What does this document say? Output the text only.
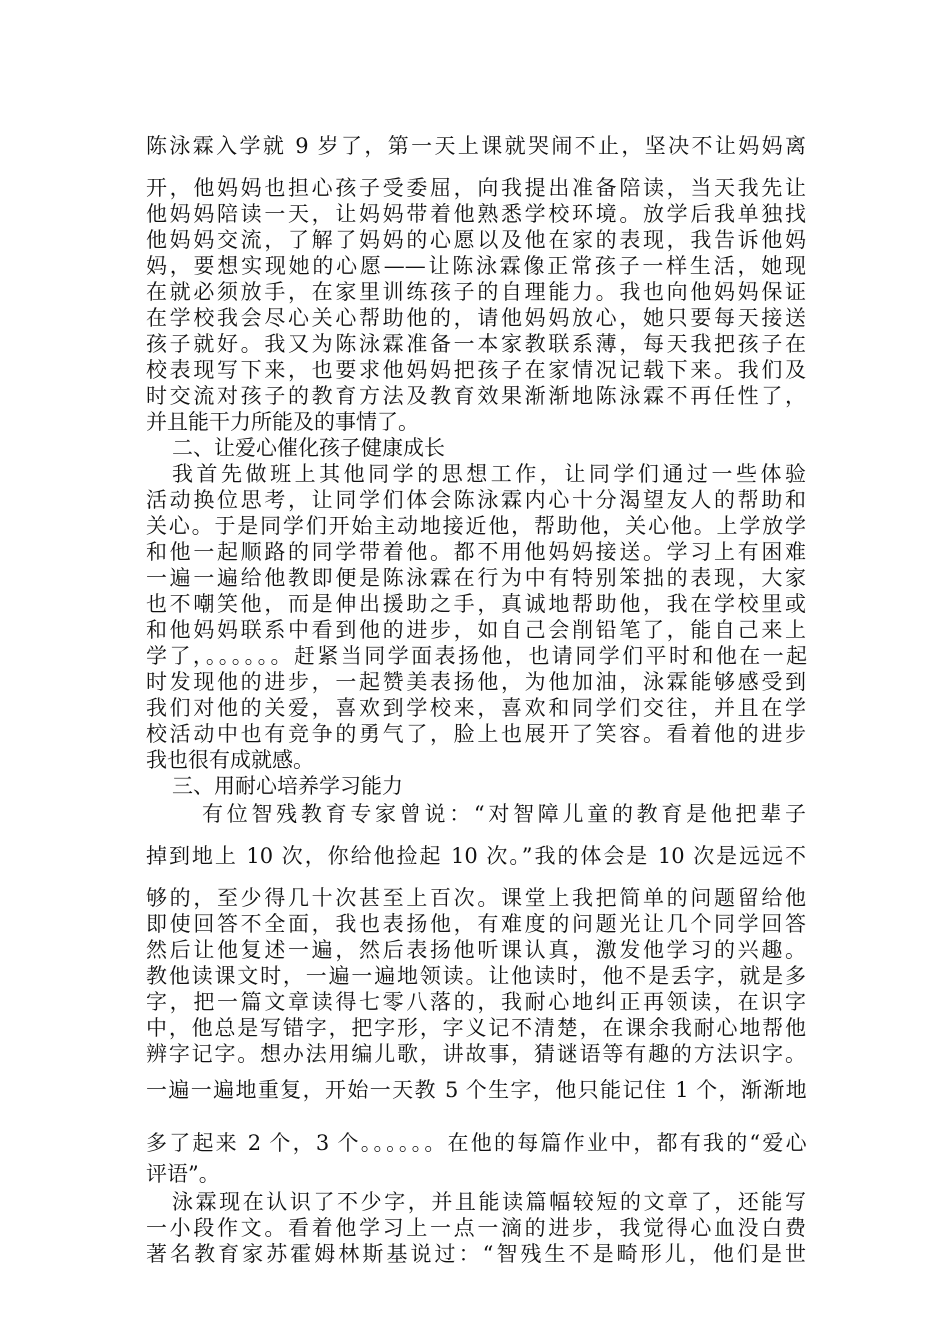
陈泳霖入学就 9 岁了，第一天上课就哭闹不止，坚决不让妈妈离
开，他妈妈也担心孩子受委屈，向我提出准备陪读，当天我先让
他妈妈陪读一天，让妈妈带着他熟悉学校环境。放学后我单独找
他妈妈交流，了解了妈妈的心愿以及他在家的表现，我告诉他妈
妈，要想实现她的心愿——让陈泳霖像正常孩子一样生活，她现
在就必须放手，在家里训练孩子的自理能力。我也向他妈妈保证
在学校我会尽心关心帮助他的，请他妈妈放心，她只要每天接送
孩子就好。我又为陈泳霖准备一本家教联系薄，每天我把孩子在
校表现写下来，也要求他妈妈把孩子在家情况记载下来。我们及
时交流对孩子的教育方法及教育效果渐渐地陈泳霖不再任性了，
并且能干力所能及的事情了。
二、让爱心催化孩子健康成长
我首先做班上其他同学的思想工作，让同学们通过一些体验
活动换位思考，让同学们体会陈泳霖内心十分渴望友人的帮助和
关心。于是同学们开始主动地接近他，帮助他，关心他。上学放学
和他一起顺路的同学带着他。都不用他妈妈接送。学习上有困难
一遍一遍给他教即便是陈泳霖在行为中有特别笨拙的表现，大家
也不嘲笑他，而是伸出援助之手，真诚地帮助他，我在学校里或
和他妈妈联系中看到他的进步，如自己会削铅笔了，能自己来上
学了，。。。。。。赶紧当同学面表扬他，也请同学们平时和他在一起
时发现他的进步，一起赞美表扬他，为他加油，泳霖能够感受到
我们对他的关爱，喜欢到学校来，喜欢和同学们交往，并且在学
校活动中也有竞争的勇气了，脸上也展开了笑容。看着他的进步
我也很有成就感。
三、用耐心培养学习能力
有位智残教育专家曾说：“对智障儿童的教育是他把辈子
掉到地上 10 次，你给他捡起 10 次。”我的体会是 10 次是远远不
够的，至少得几十次甚至上百次。课堂上我把简单的问题留给他
即使回答不全面，我也表扬他，有难度的问题光让几个同学回答
然后让他复述一遍，然后表扬他听课认真，激发他学习的兴趣。
教他读课文时，一遍一遍地领读。让他读时，他不是丢字，就是多
字，把一篇文章读得七零八落的，我耐心地纠正再领读，在识字
中，他总是写错字，把字形，字义记不清楚，在课余我耐心地帮他
辨字记字。想办法用编儿歌，讲故事，猜谜语等有趣的方法识字。
一遍一遍地重复，开始一天教 5 个生字，他只能记住 1 个，渐渐地
多了起来 2 个，3 个。。。。。。在他的每篇作业中，都有我的“爱心
评语”。
泳霖现在认识了不少字，并且能读篇幅较短的文章了，还能写
一小段作文。看着他学习上一点一滴的进步，我觉得心血没白费
著名教育家苏霍姆林斯基说过：“智残生不是畸形儿，他们是世
